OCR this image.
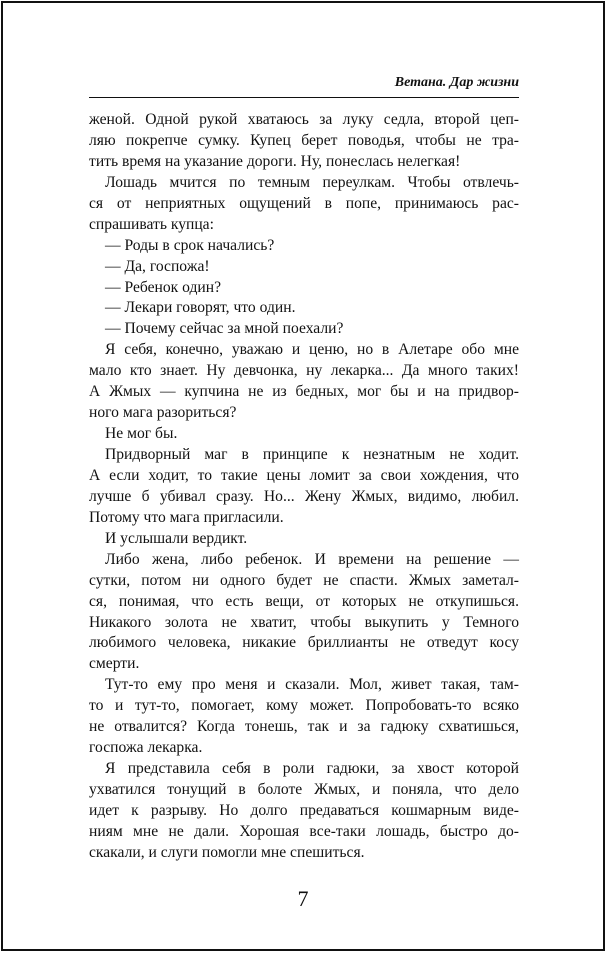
Ветана. Дар жизни
женой. Одной рукой хватаюсь за луку седла, второй цеп-
ляю покрепче сумку. Купец берет поводья, чтобы не тра-
тить время на указание дороги. Ну, понеслась нелегкая!
Лошадь мчится по темным переулкам. Чтобы отвлечь-
ся от неприятных ощущений в попе, принимаюсь рас-
спрашивать купца:
— Роды в срок начались?
— Да, госпожа!
— Ребенок один?
— Лекари говорят, что один.
— Почему сейчас за мной поехали?
Я себя, конечно, уважаю и ценю, но в Алетаре обо мне
мало кто знает. Ну девчонка, ну лекарка... Да много таких!
А Жмых — купчина не из бедных, мог бы и на придвор-
ного мага разориться?
Не мог бы.
Придворный маг в принципе к незнатным не ходит.
А если ходит, то такие цены ломит за свои хождения, что
лучше б убивал сразу. Но... Жену Жмых, видимо, любил.
Потому что мага пригласили.
И услышали вердикт.
Либо жена, либо ребенок. И времени на решение —
сутки, потом ни одного будет не спасти. Жмых заметал-
ся, понимая, что есть вещи, от которых не откупишься.
Никакого золота не хватит, чтобы выкупить у Темного
любимого человека, никакие бриллианты не отведут косу
смерти.
Тут-то ему про меня и сказали. Мол, живет такая, там-
то и тут-то, помогает, кому может. Попробовать-то всяко
не отвалится? Когда тонешь, так и за гадюку схватишься,
госпожа лекарка.
Я представила себя в роли гадюки, за хвост которой
ухватился тонущий в болоте Жмых, и поняла, что дело
идет к разрыву. Но долго предаваться кошмарным виде-
ниям мне не дали. Хорошая все-таки лошадь, быстро до-
скакали, и слуги помогли мне спешиться.
7
